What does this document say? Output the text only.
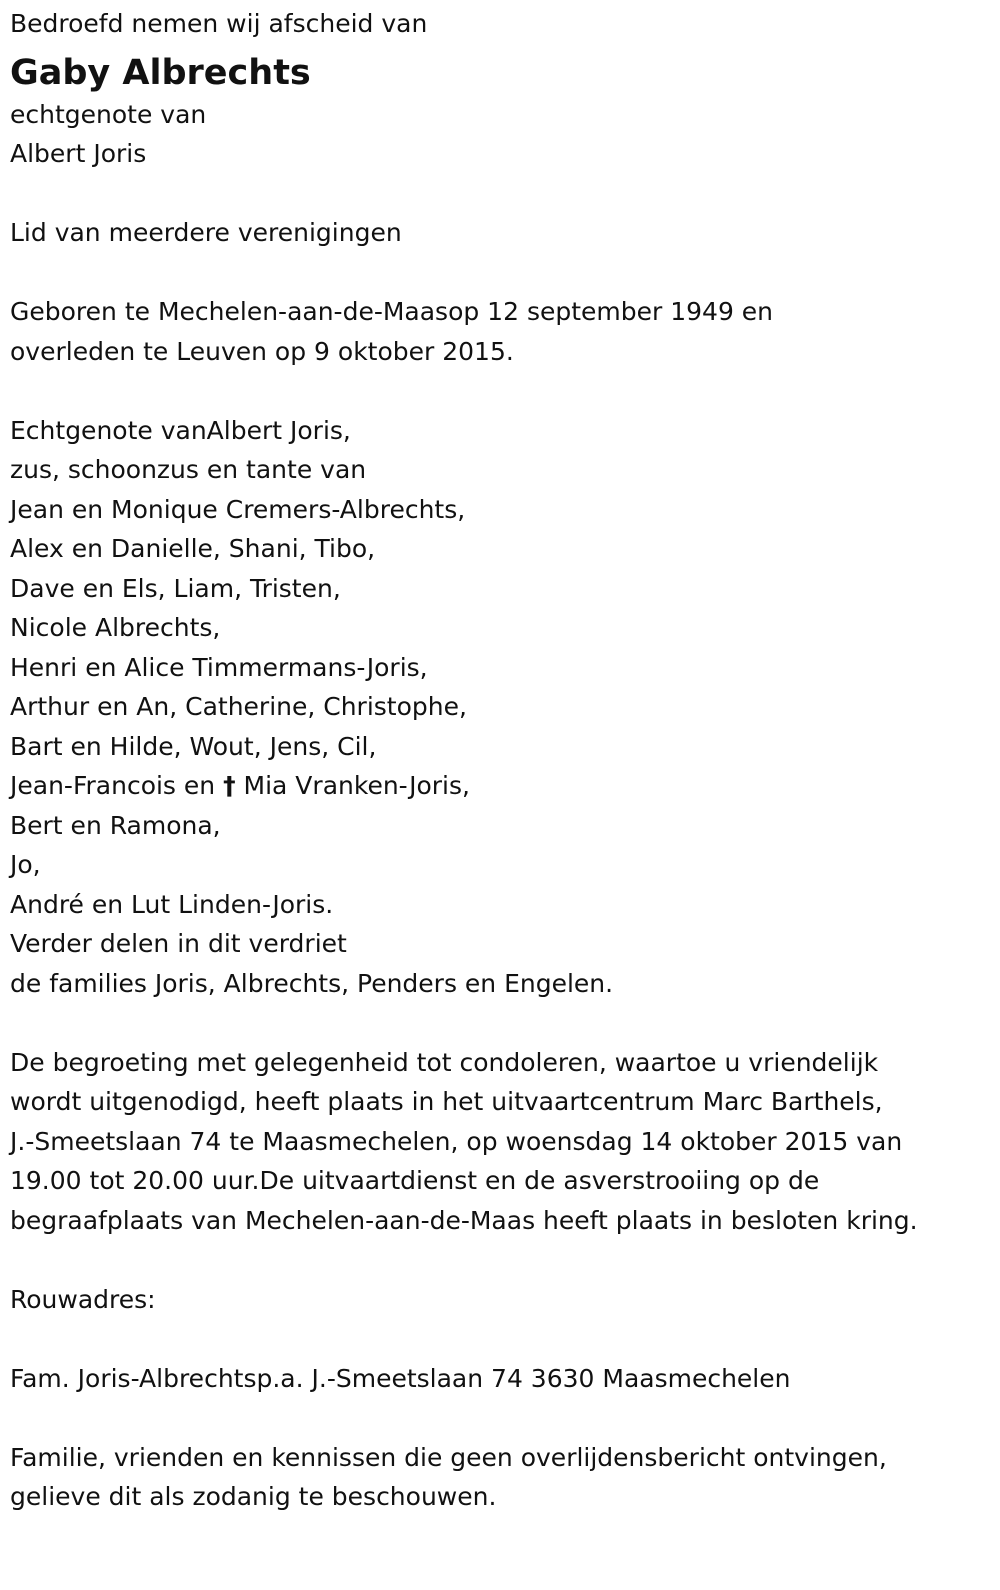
Bedroefd nemen wij afscheid van
Gaby Albrechts
echtgenote van
Albert Joris
Lid van meerdere verenigingen
Geboren te Mechelen-aan-de-Maasop 12 september 1949 en
overleden te Leuven op 9 oktober 2015.
Echtgenote vanAlbert Joris,
zus, schoonzus en tante van
Jean en Monique Cremers-Albrechts,
Alex en Danielle, Shani, Tibo,
Dave en Els, Liam, Tristen,
Nicole Albrechts,
Henri en Alice Timmermans-Joris,
Arthur en An, Catherine, Christophe,
Bart en Hilde, Wout, Jens, Cil,
Jean-Francois en † Mia Vranken-Joris,
Bert en Ramona,
Jo,
André en Lut Linden-Joris.
Verder delen in dit verdriet
de families Joris, Albrechts, Penders en Engelen.
De begroeting met gelegenheid tot condoleren, waartoe u vriendelijk
wordt uitgenodigd, heeft plaats in het uitvaartcentrum Marc Barthels,
J.-Smeetslaan 74 te Maasmechelen, op woensdag 14 oktober 2015 van
19.00 tot 20.00 uur.De uitvaartdienst en de asverstrooiing op de
begraafplaats van Mechelen-aan-de-Maas heeft plaats in besloten kring.
Rouwadres:
Fam. Joris-Albrechtsp.a. J.-Smeetslaan 74 3630 Maasmechelen
Familie, vrienden en kennissen die geen overlijdensbericht ontvingen,
gelieve dit als zodanig te beschouwen.
